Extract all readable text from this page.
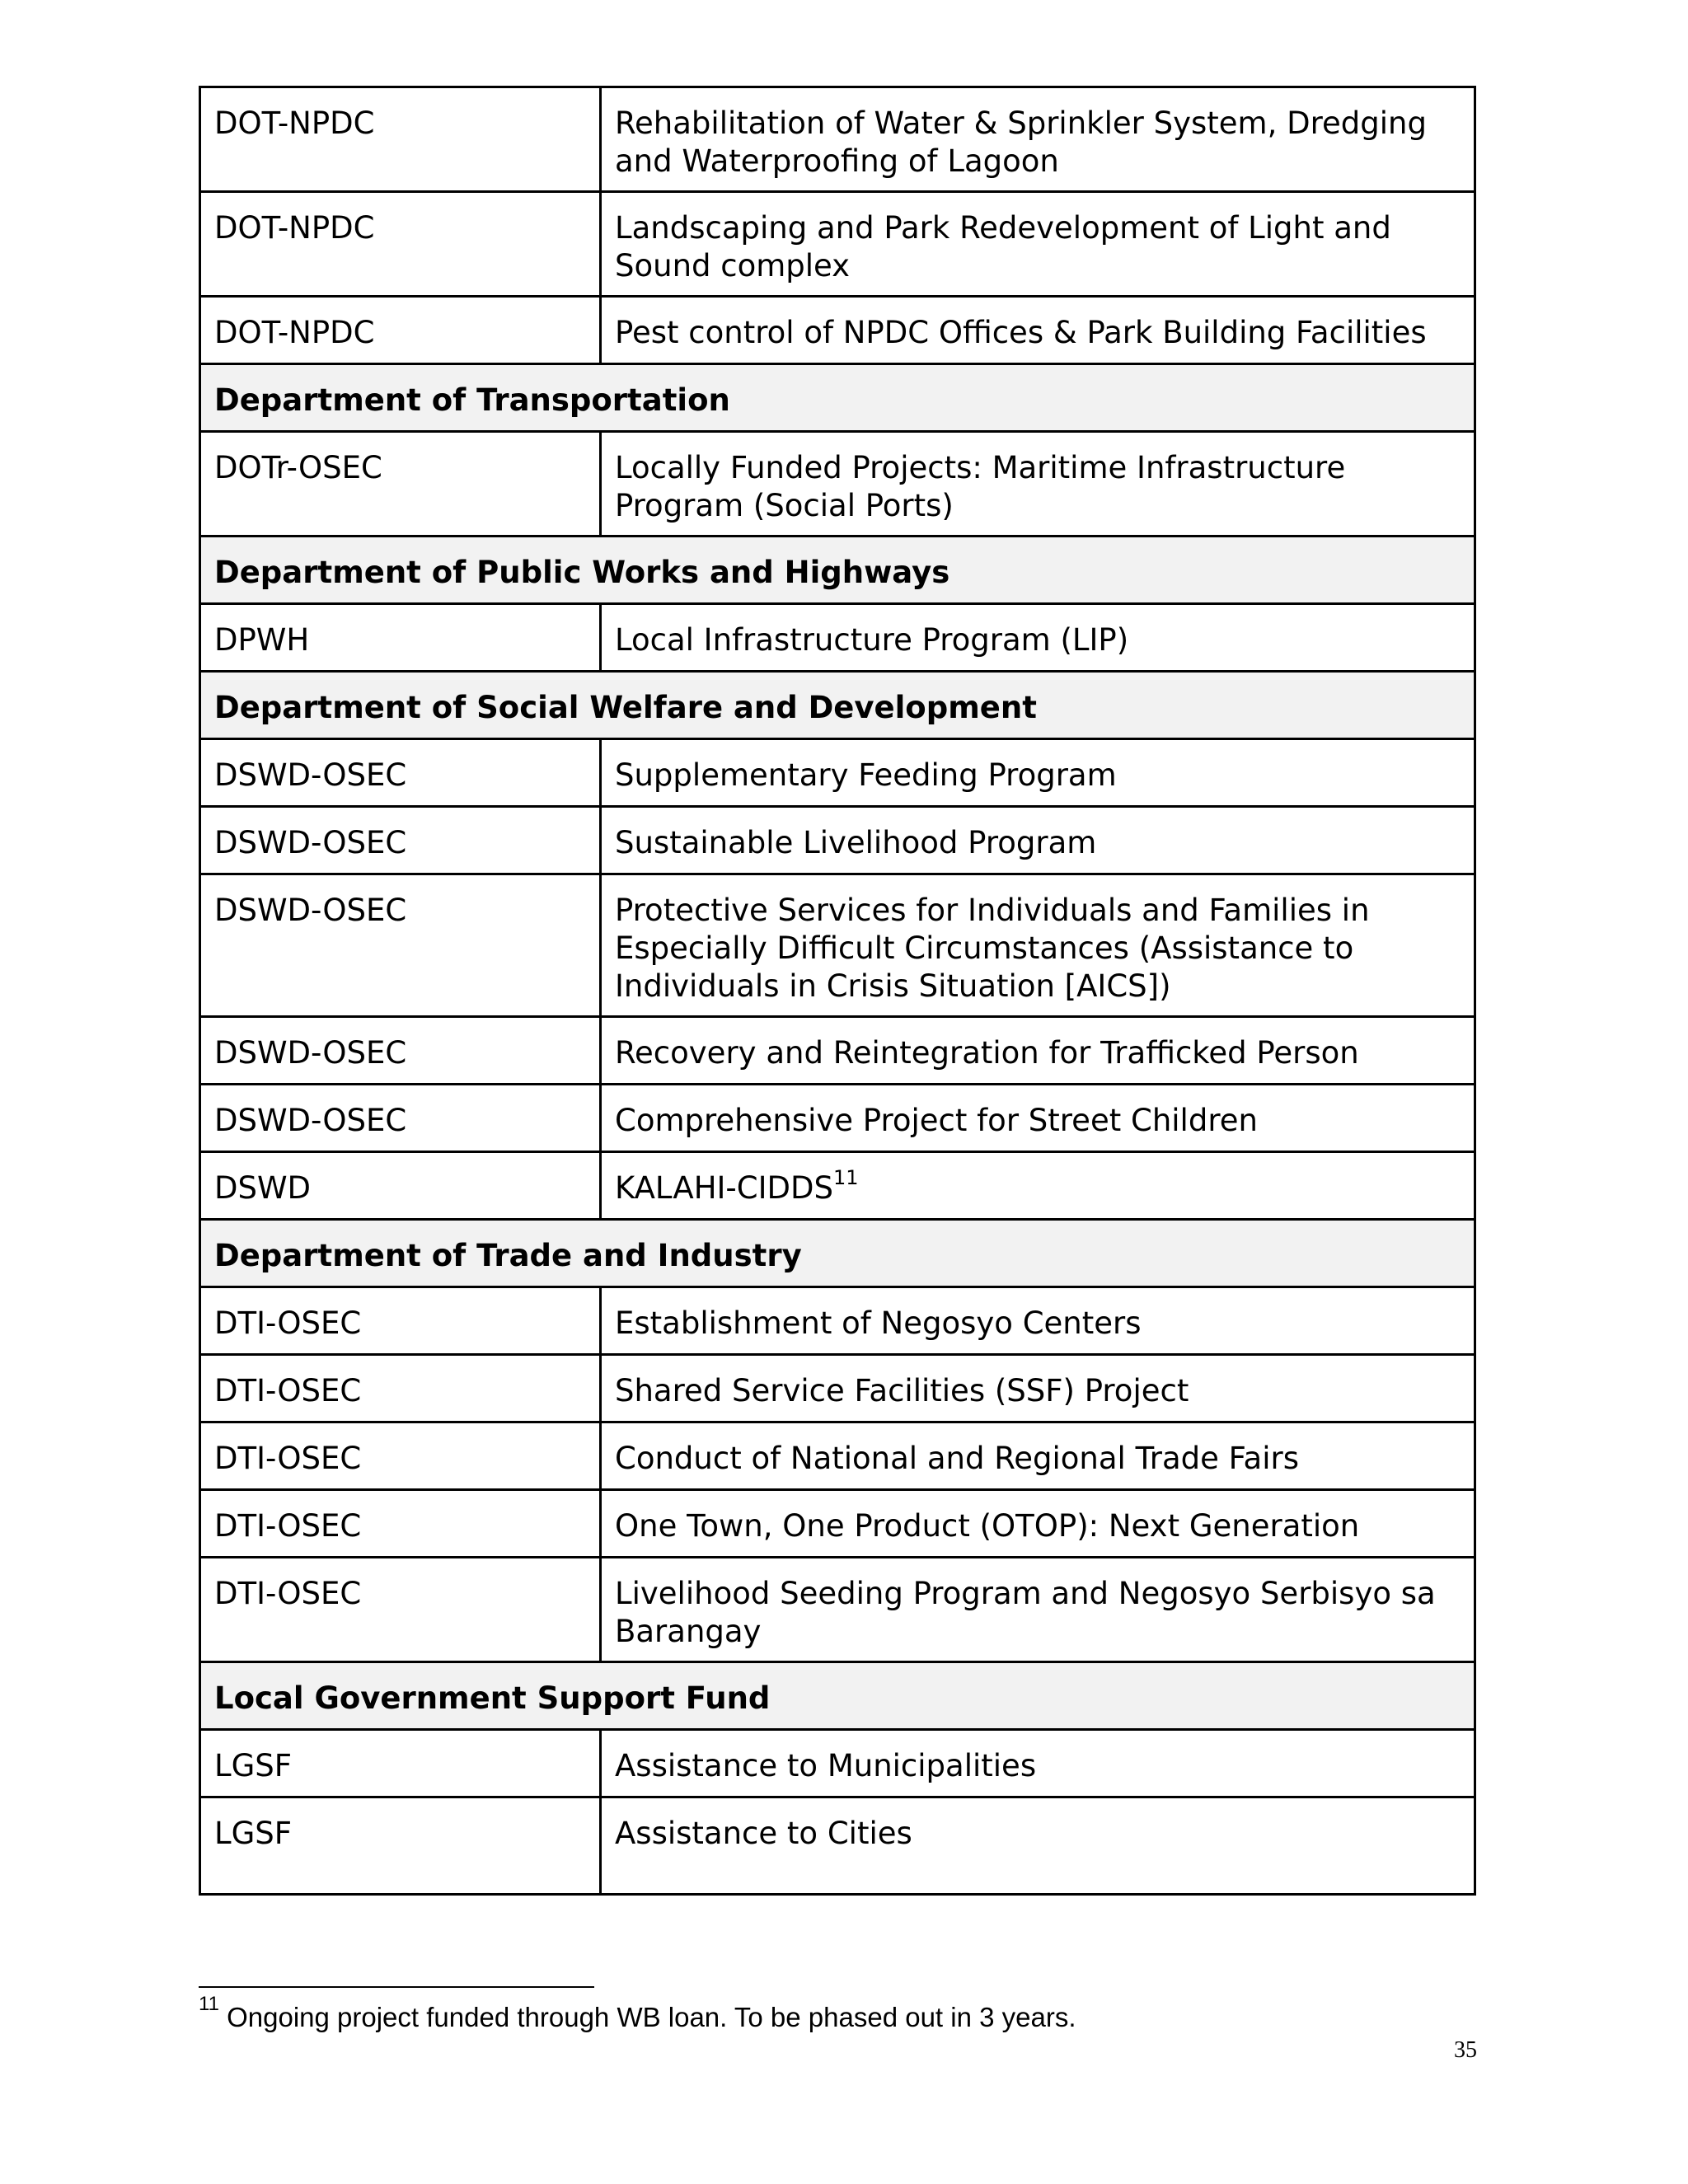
DOT-NPDC	Rehabilitation of Water & Sprinkler System, Dredging and Waterproofing of Lagoon
DOT-NPDC	Landscaping and Park Redevelopment of Light and Sound complex
DOT-NPDC	Pest control of NPDC Offices & Park Building Facilities
Department of Transportation	
DOTr-OSEC	Locally Funded Projects: Maritime Infrastructure Program (Social Ports)
Department of Public Works and Highways	
DPWH	Local Infrastructure Program (LIP)
Department of Social Welfare and Development	
DSWD-OSEC	Supplementary Feeding Program
DSWD-OSEC	Sustainable Livelihood Program
DSWD-OSEC	Protective Services for Individuals and Families in Especially Difficult Circumstances (Assistance to Individuals in Crisis Situation [AICS])
DSWD-OSEC	Recovery and Reintegration for Trafficked Person
DSWD-OSEC	Comprehensive Project for Street Children
DSWD	KALAHI-CIDDS$^{11}$
Department of Trade and Industry	
DTI-OSEC	Establishment of Negosyo Centers
DTI-OSEC	Shared Service Facilities (SSF) Project
DTI-OSEC	Conduct of National and Regional Trade Fairs
DTI-OSEC	One Town, One Product (OTOP): Next Generation
DTI-OSEC	Livelihood Seeding Program and Negosyo Serbisyo sa Barangay
Local Government Support Fund	
LGSF	Assistance to Municipalities
LGSF	Assistance to Cities
$^{11}$ Ongoing project funded through WB loan. To be phased out in 3 years.
35
